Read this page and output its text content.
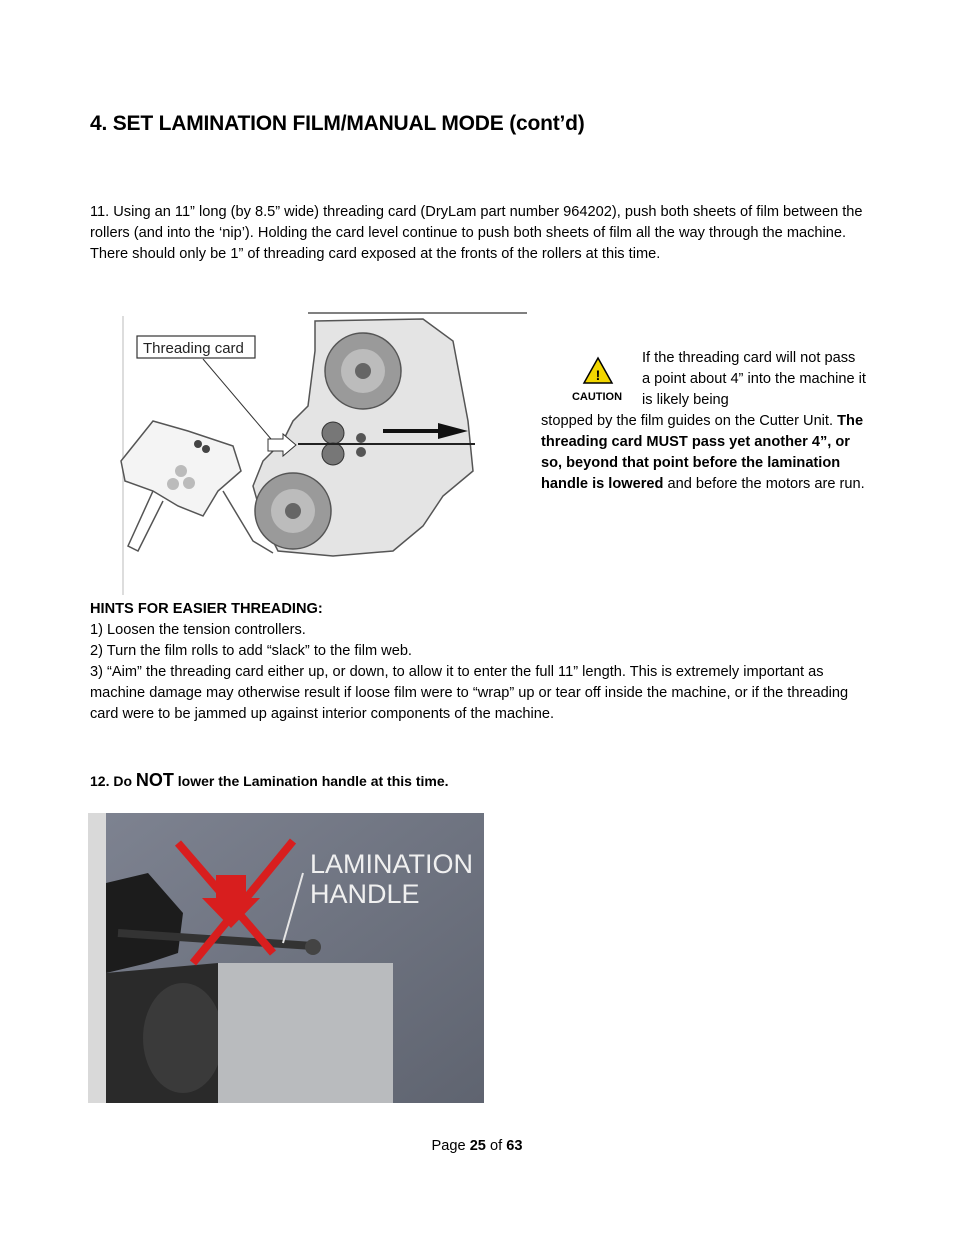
4. SET LAMINATION FILM/MANUAL MODE (cont’d)
11. Using an 11” long (by 8.5” wide) threading card (DryLam part number 964202), push both sheets of film between the rollers (and into the ‘nip’). Holding the card level continue to push both sheets of film all the way through the machine. There should only be 1” of threading card exposed at the fronts of the rollers at this time.
Threading card
!
CAUTION
If the threading card will not pass a point about 4” into the machine it is likely being
stopped by the film guides on the Cutter Unit. The threading card MUST pass yet another 4”, or so, beyond that point before the lamination handle is lowered and before the motors are run.

HINTS FOR EASIER THREADING:

1) Loosen the tension controllers.

2) Turn the film rolls to add “slack” to the film web.

3) “Aim” the threading card either up, or down, to allow it to enter the full 11” length. This is extremely important as machine damage may otherwise result if loose film were to “wrap” up or tear off inside the machine, or if the threading card were to be jammed up against interior components of the machine.

12. Do NOT lower the Lamination handle at this time.
LAMINATION
HANDLE
Page 25 of 63
